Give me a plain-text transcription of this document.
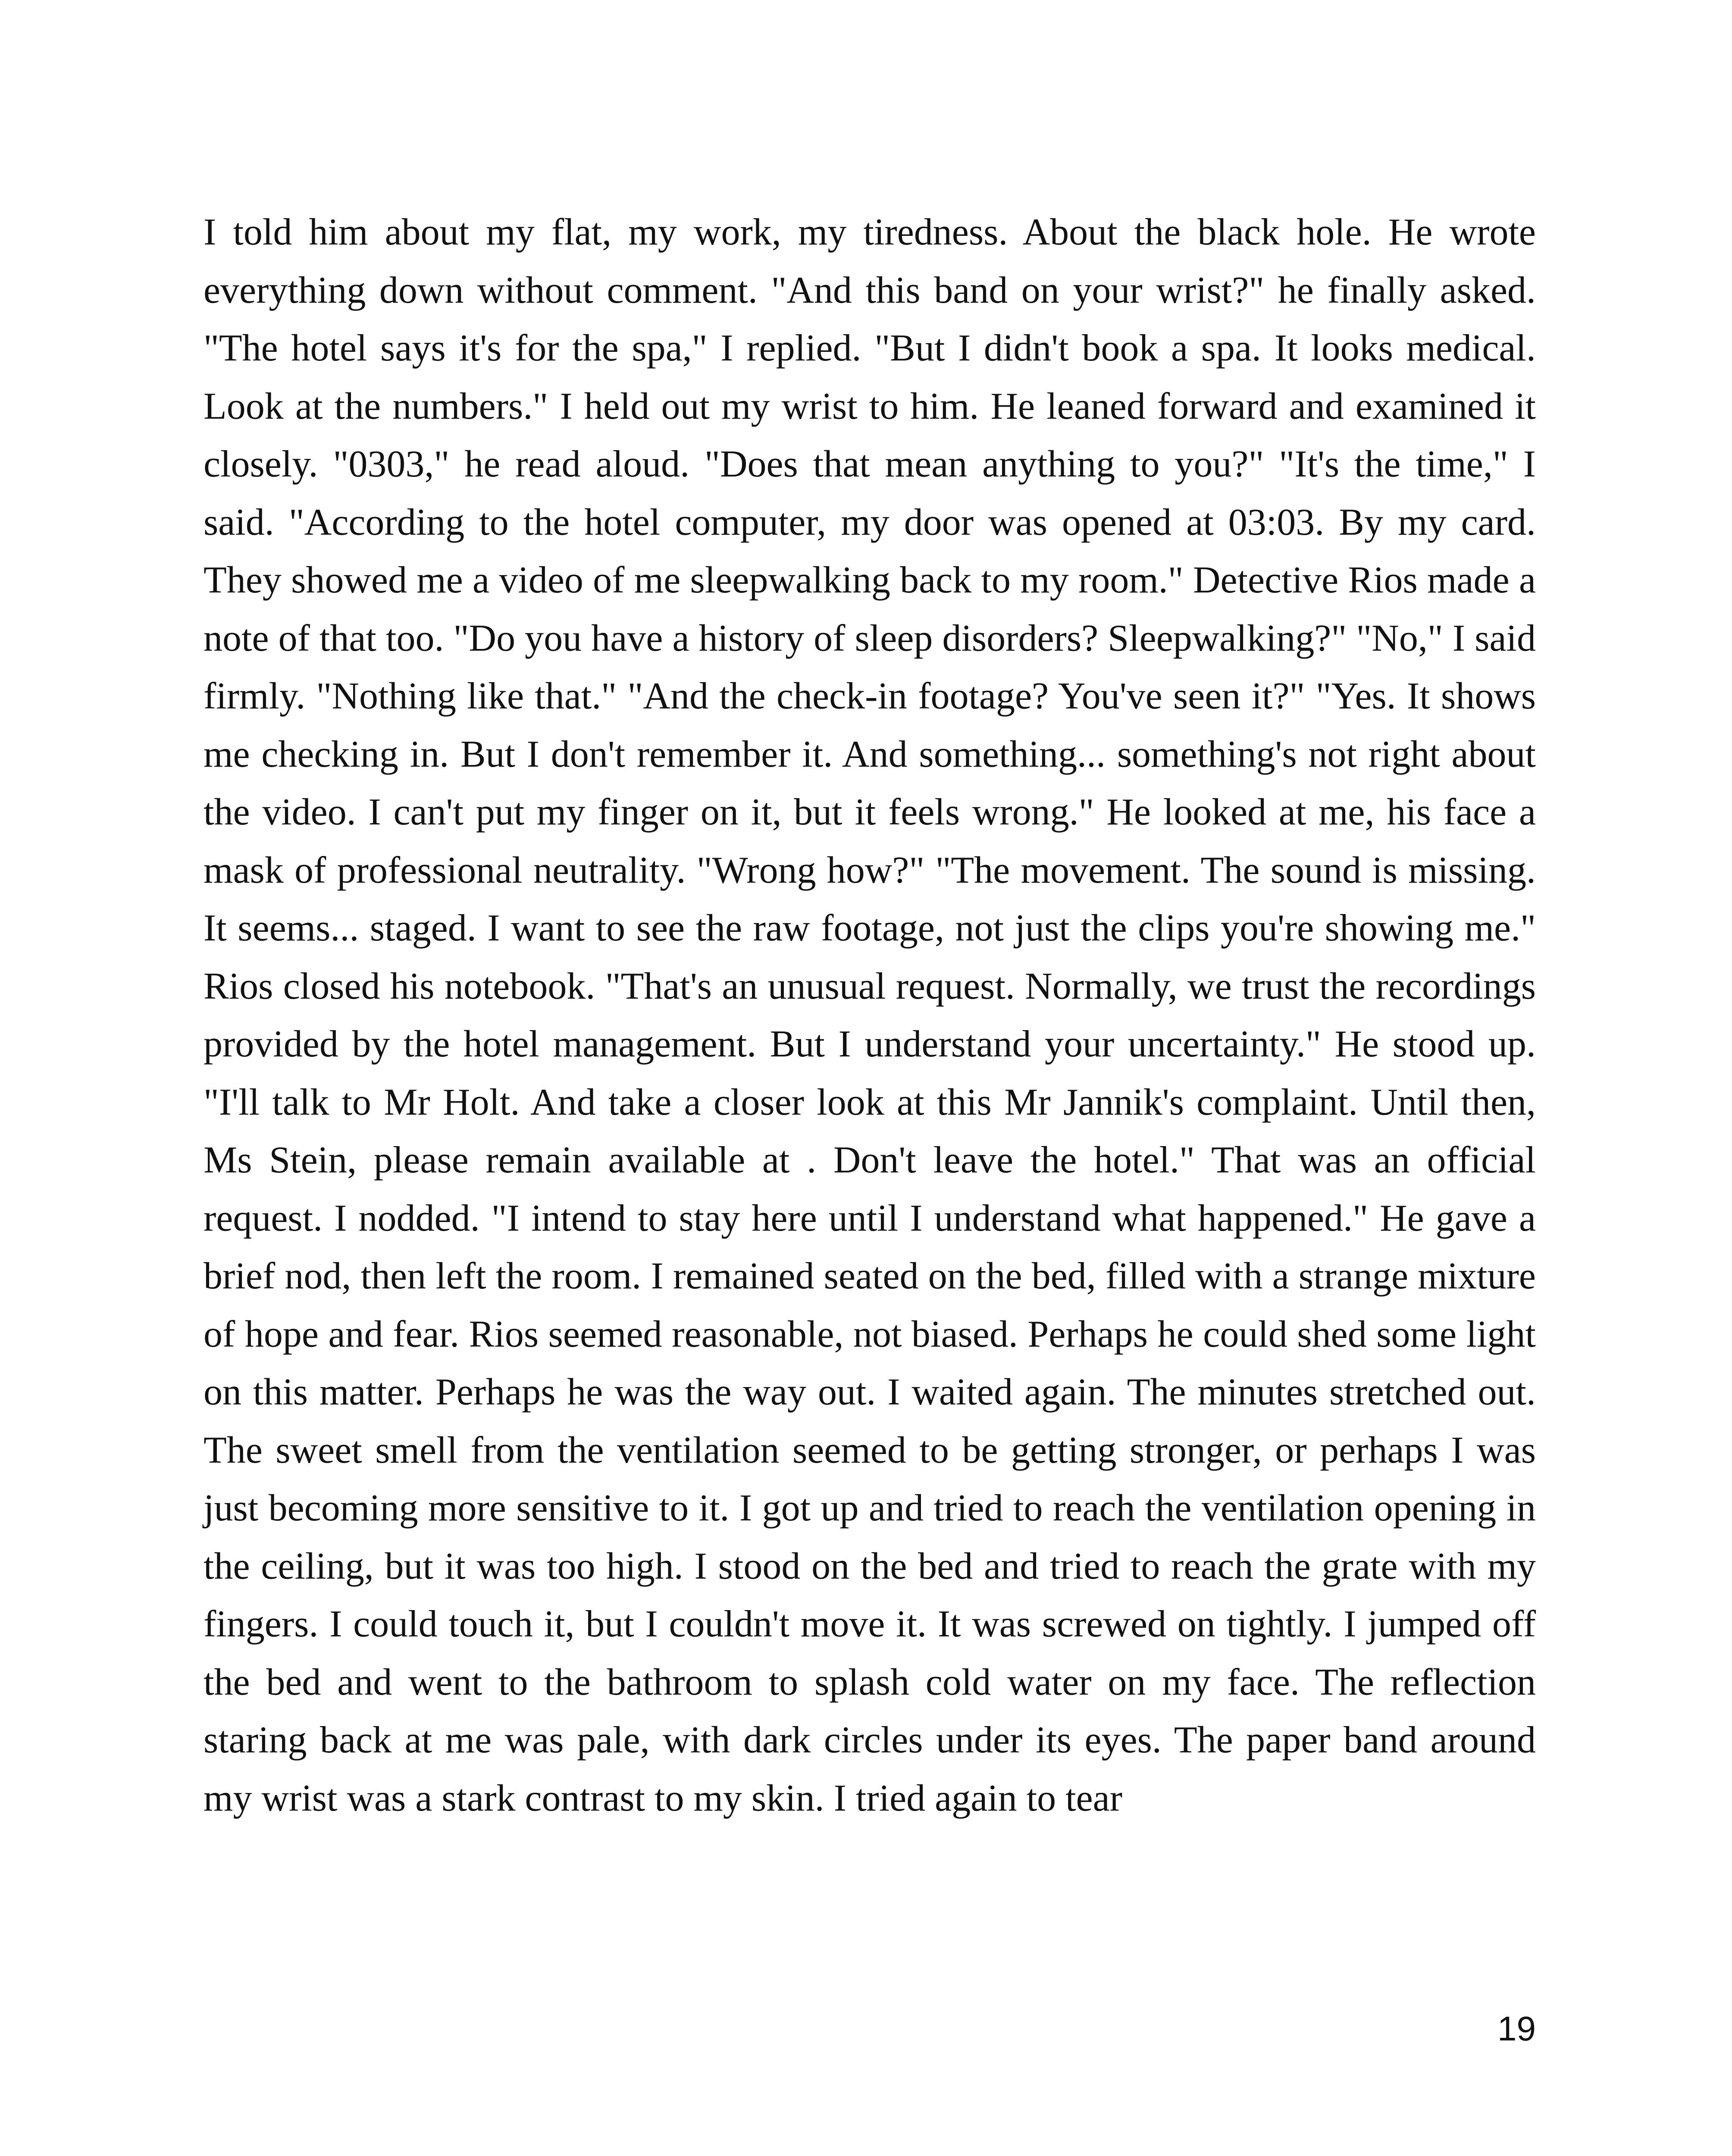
I told him about my flat, my work, my tiredness. About the black hole. He wrote everything down without comment. "And this band on your wrist?" he finally asked. "The hotel says it's for the spa," I replied. "But I didn't book a spa. It looks medical. Look at the numbers." I held out my wrist to him. He leaned forward and examined it closely. "0303," he read aloud. "Does that mean anything to you?" "It's the time," I said. "According to the hotel computer, my door was opened at 03:03. By my card. They showed me a video of me sleepwalking back to my room." Detective Rios made a note of that too. "Do you have a history of sleep disorders? Sleepwalking?" "No," I said firmly. "Nothing like that." "And the check-in footage? You've seen it?" "Yes. It shows me checking in. But I don't remember it. And something... something's not right about the video. I can't put my finger on it, but it feels wrong." He looked at me, his face a mask of professional neutrality. "Wrong how?" "The movement. The sound is missing. It seems... staged. I want to see the raw footage, not just the clips you're showing me." Rios closed his notebook. "That's an unusual request. Normally, we trust the recordings provided by the hotel management. But I understand your uncertainty." He stood up. "I'll talk to Mr Holt. And take a closer look at this Mr Jannik's complaint. Until then, Ms Stein, please remain available at . Don't leave the hotel." That was an official request. I nodded. "I intend to stay here until I understand what happened." He gave a brief nod, then left the room. I remained seated on the bed, filled with a strange mixture of hope and fear. Rios seemed reasonable, not biased. Perhaps he could shed some light on this matter. Perhaps he was the way out. I waited again. The minutes stretched out. The sweet smell from the ventilation seemed to be getting stronger, or perhaps I was just becoming more sensitive to it. I got up and tried to reach the ventilation opening in the ceiling, but it was too high. I stood on the bed and tried to reach the grate with my fingers. I could touch it, but I couldn't move it. It was screwed on tightly. I jumped off the bed and went to the bathroom to splash cold water on my face. The reflection staring back at me was pale, with dark circles under its eyes. The paper band around my wrist was a stark contrast to my skin. I tried again to tear

19
